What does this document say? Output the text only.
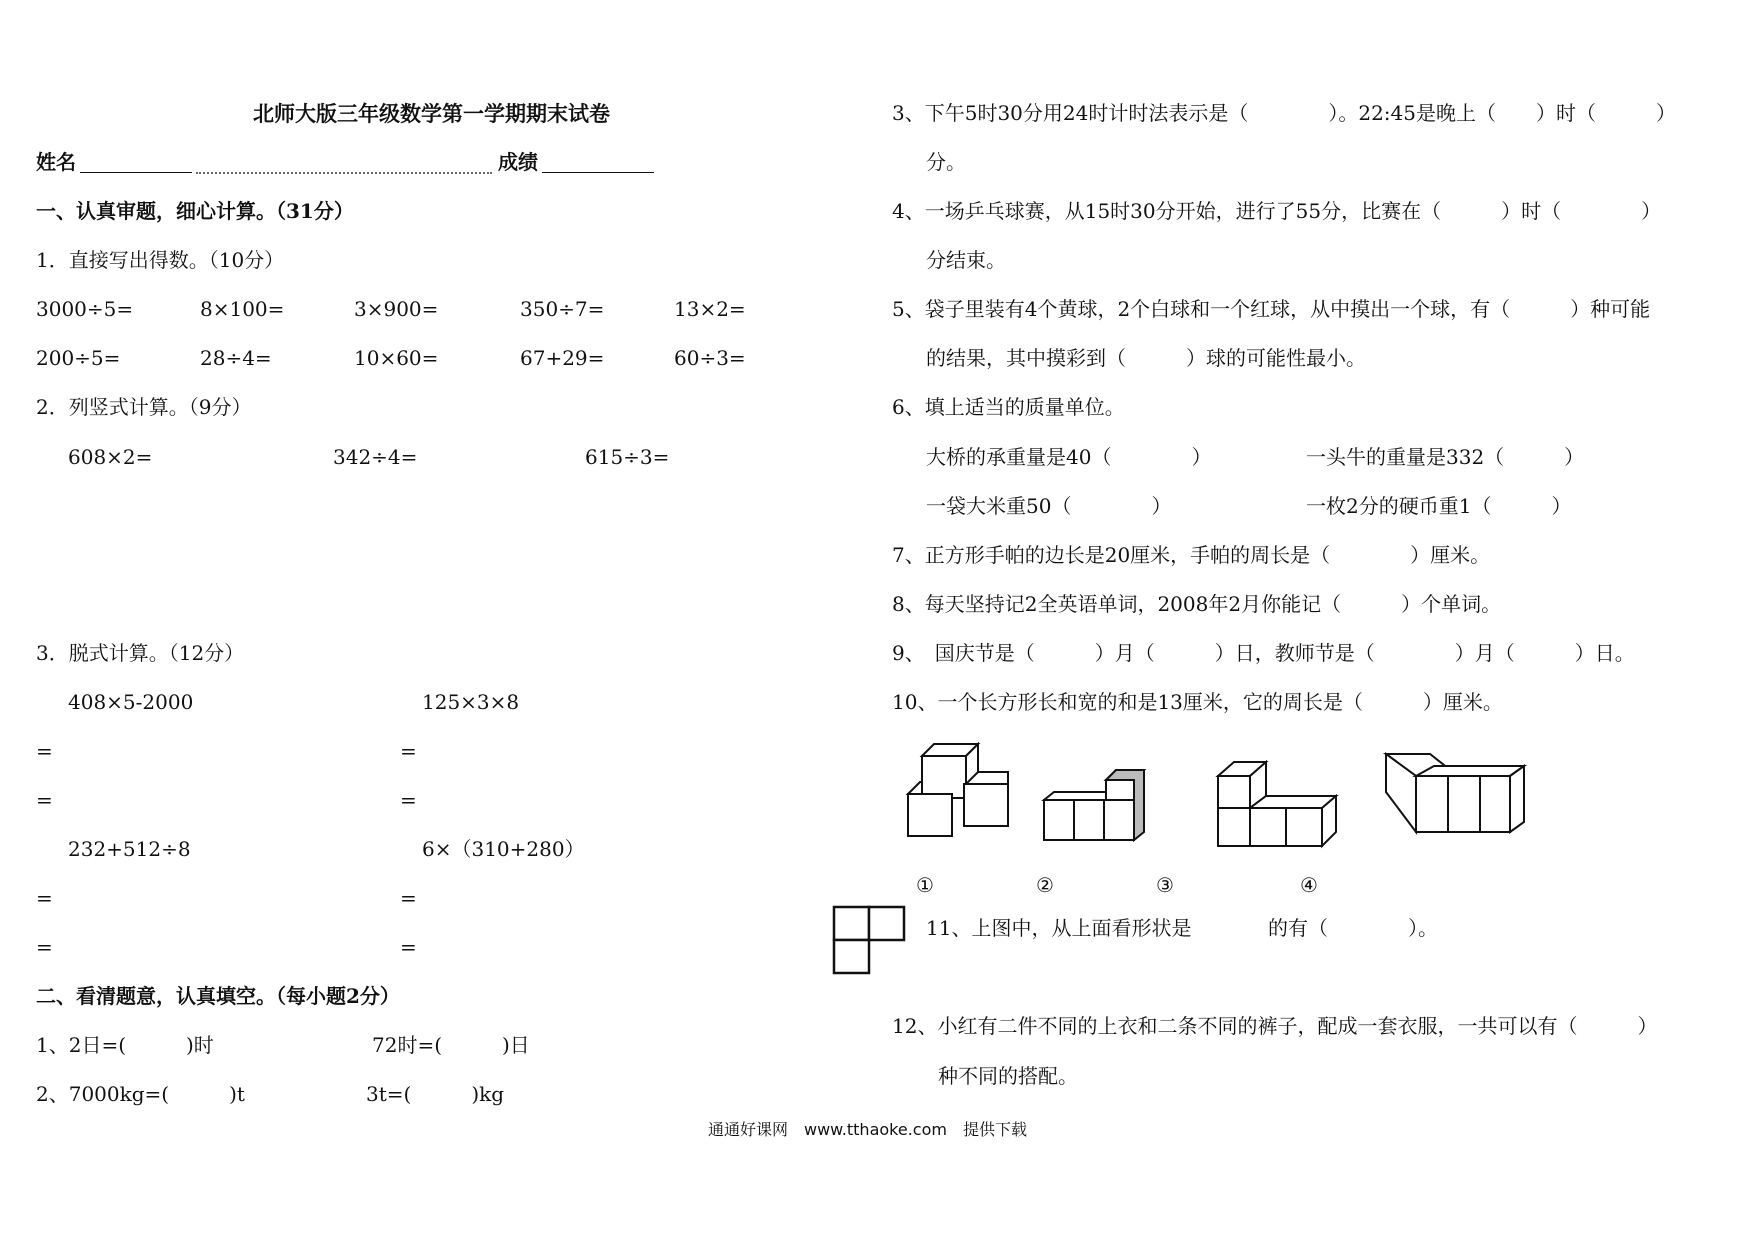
北师大版三年级数学第一学期期末试卷
姓名	成绩
一、认真审题，细心计算。（31分）
1．直接写出得数。（10分）
3000÷5=	8×100=	3×900=	350÷7=	13×2=
200÷5=	28÷4=	10×60=	67+29=	60÷3=
2．列竖式计算。（9分）
608×2=	342÷4=	615÷3=
3．脱式计算。（12分）
408×5-2000	125×3×8
=	=
=	=
232+512÷8	6×（310+280）
=	=
=	=
二、看清题意，认真填空。（每小题2分）
1、2日=(　　　)时	72时=(　　　)日
2、7000kg=(　　　)t	3t=(　　　)kg
3、下午5时30分用24时计时法表示是（　　　　）。22:45是晚上（　　）时（　　　）
分。
4、一场乒乓球赛，从15时30分开始，进行了55分，比赛在（　　　）时（　　　　）
分结束。
5、袋子里装有4个黄球，2个白球和一个红球，从中摸出一个球，有（　　　）种可能
的结果，其中摸彩到（　　　）球的可能性最小。
6、填上适当的质量单位。
大桥的承重量是40（　　　　）	一头牛的重量是332（　　　）
一袋大米重50（　　　　）	一枚2分的硬币重1（　　　）
7、正方形手帕的边长是20厘米，手帕的周长是（　　　　）厘米。
8、每天坚持记2全英语单词，2008年2月你能记（　　　）个单词。
9、　国庆节是（　　　）月（　　　）日，教师节是（　　　　）月（　　　）日。
10、一个长方形长和宽的和是13厘米，它的周长是（　　　）厘米。
①	②	③	④
11、上图中，从上面看形状是	的有（　　　　）。
12、小红有二件不同的上衣和二条不同的裤子，配成一套衣服，一共可以有（　　　）
种不同的搭配。
通通好课网　www.tthaoke.com　提供下载
